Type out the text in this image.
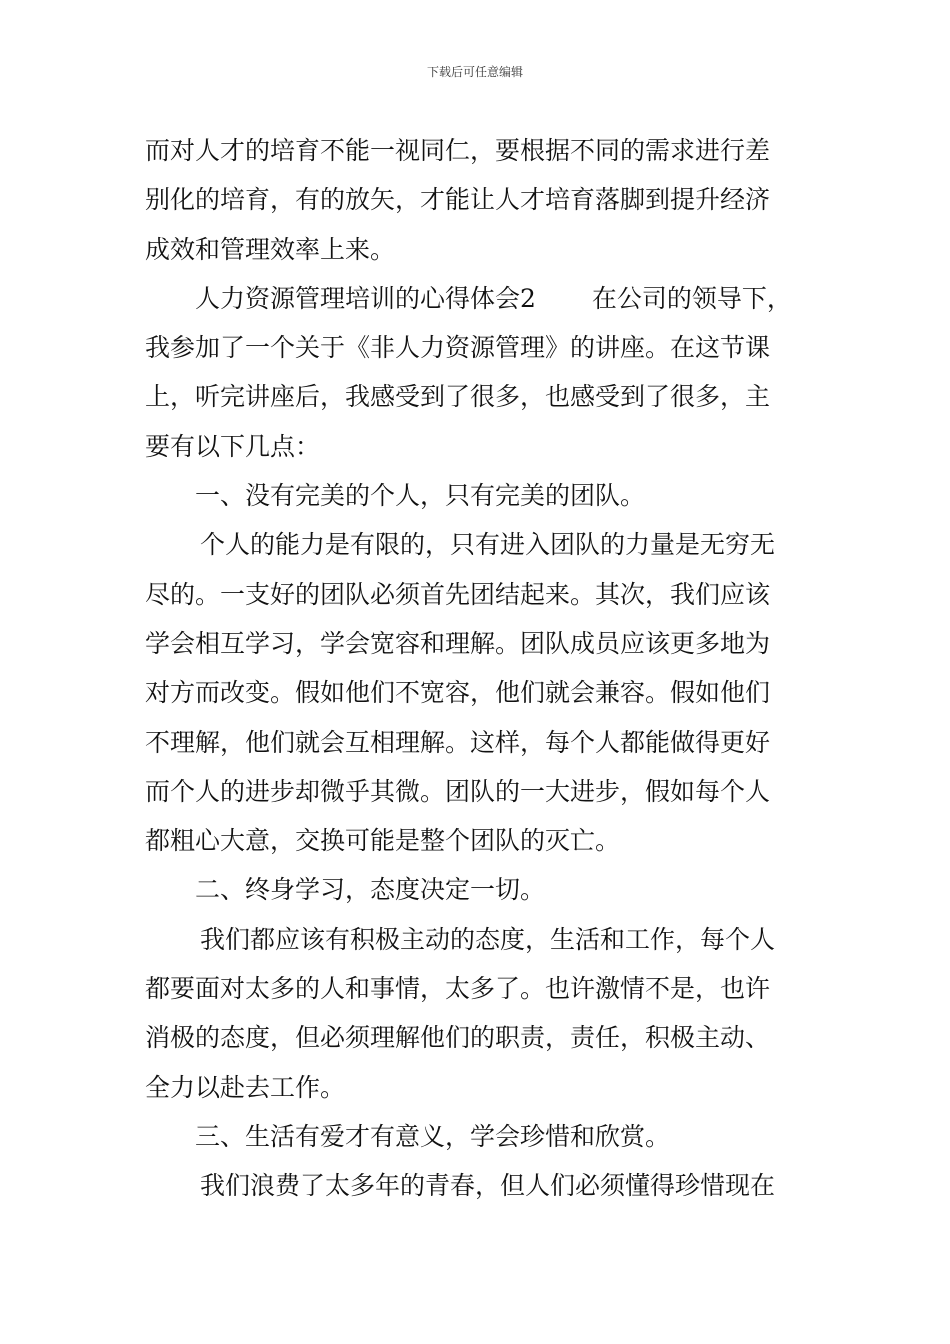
下载后可任意编辑
而对人才的培育不能一视同仁，要根据不同的需求进行差
别化的培育，有的放矢，才能让人才培育落脚到提升经济
成效和管理效率上来。
人力资源管理培训的心得体会2 在公司的领导下，
我参加了一个关于《非人力资源管理》的讲座。在这节课
上，听完讲座后，我感受到了很多，也感受到了很多，主
要有以下几点：
一、没有完美的个人，只有完美的团队。
个人的能力是有限的，只有进入团队的力量是无穷无
尽的。一支好的团队必须首先团结起来。其次，我们应该
学会相互学习，学会宽容和理解。团队成员应该更多地为
对方而改变。假如他们不宽容，他们就会兼容。假如他们
不理解，他们就会互相理解。这样，每个人都能做得更好
而个人的进步却微乎其微。团队的一大进步，假如每个人
都粗心大意，交换可能是整个团队的灭亡。
二、终身学习，态度决定一切。
我们都应该有积极主动的态度，生活和工作，每个人
都要面对太多的人和事情，太多了。也许激情不是，也许
消极的态度，但必须理解他们的职责，责任，积极主动、
全力以赴去工作。
三、生活有爱才有意义，学会珍惜和欣赏。
我们浪费了太多年的青春，但人们必须懂得珍惜现在
